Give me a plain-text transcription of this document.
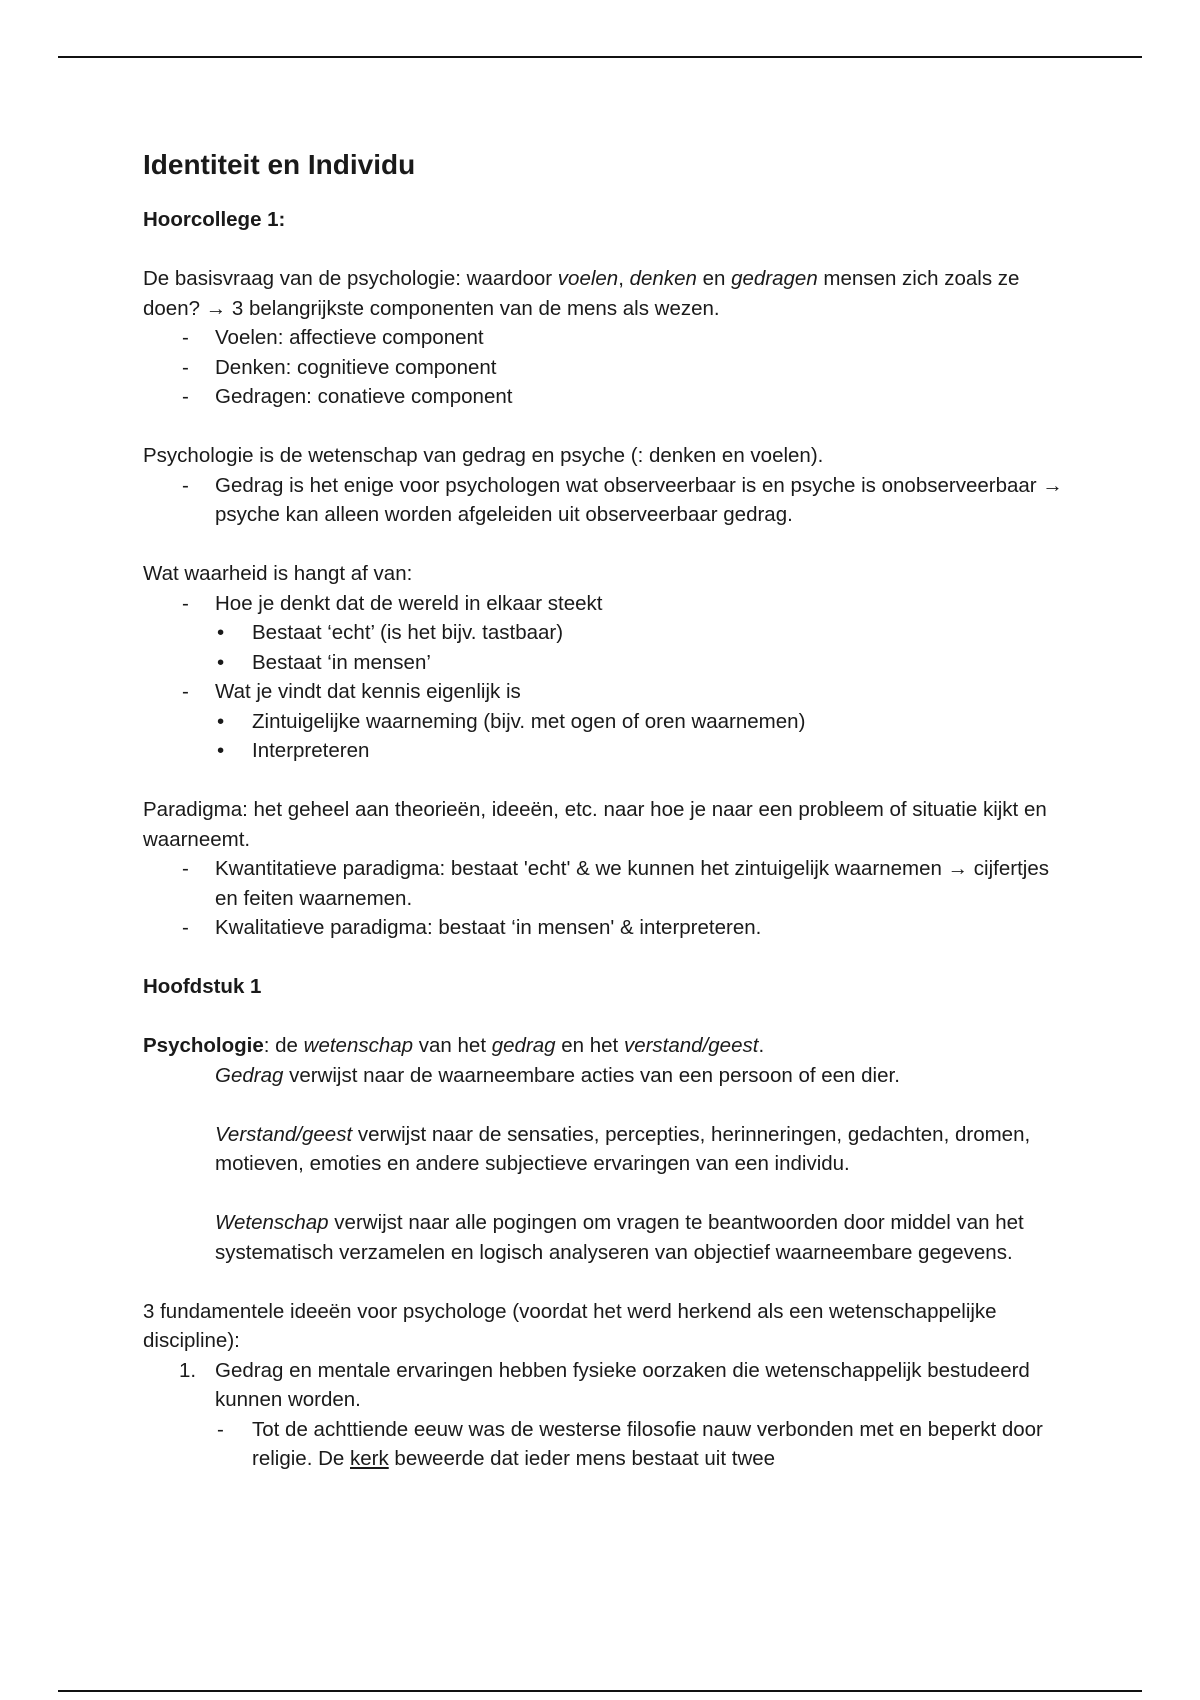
Identiteit en Individu

Hoorcollege 1:

De basisvraag van de psychologie: waardoor voelen, denken en gedragen mensen zich zoals ze doen? → 3 belangrijkste componenten van de mens als wezen.

- Voelen: affectieve component

- Denken: cognitieve component

- Gedragen: conatieve component

Psychologie is de wetenschap van gedrag en psyche (: denken en voelen).

- Gedrag is het enige voor psychologen wat observeerbaar is en psyche is onobserveerbaar → psyche kan alleen worden afgeleiden uit observeerbaar gedrag.

Wat waarheid is hangt af van:

- Hoe je denkt dat de wereld in elkaar steekt

• Bestaat ‘echt’ (is het bijv. tastbaar)

• Bestaat ‘in mensen’

- Wat je vindt dat kennis eigenlijk is

• Zintuigelijke waarneming (bijv. met ogen of oren waarnemen)

• Interpreteren

Paradigma: het geheel aan theorieën, ideeën, etc. naar hoe je naar een probleem of situatie kijkt en waarneemt.

- Kwantitatieve paradigma: bestaat 'echt' & we kunnen het zintuigelijk waarnemen → cijfertjes en feiten waarnemen.

- Kwalitatieve paradigma: bestaat ‘in mensen' & interpreteren.

Hoofdstuk 1

Psychologie: de wetenschap van het gedrag en het verstand/geest.

Gedrag verwijst naar de waarneembare acties van een persoon of een dier.

Verstand/geest verwijst naar de sensaties, percepties, herinneringen, gedachten, dromen, motieven, emoties en andere subjectieve ervaringen van een individu.

Wetenschap verwijst naar alle pogingen om vragen te beantwoorden door middel van het systematisch verzamelen en logisch analyseren van objectief waarneembare gegevens.

3 fundamentele ideeën voor psychologe (voordat het werd herkend als een wetenschappelijke discipline):

1. Gedrag en mentale ervaringen hebben fysieke oorzaken die wetenschappelijk bestudeerd kunnen worden.

- Tot de achttiende eeuw was de westerse filosofie nauw verbonden met en beperkt door religie. De kerk beweerde dat ieder mens bestaat uit twee
